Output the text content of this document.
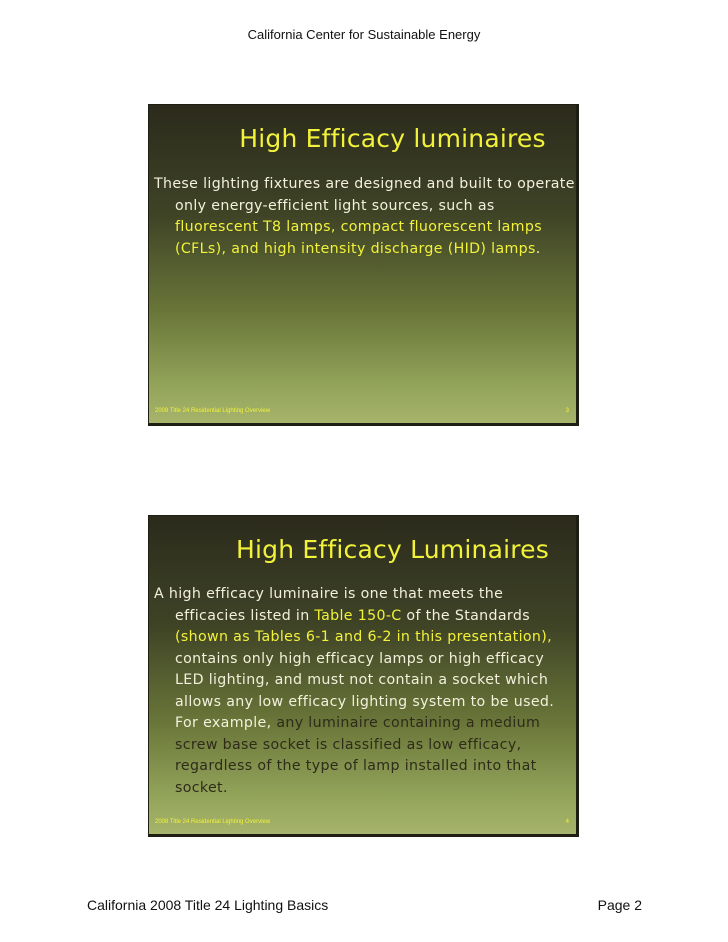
California Center for Sustainable Energy
High Efficacy luminaires
These lighting fixtures are designed and built to operate
only energy-efficient light sources, such as
fluorescent T8 lamps, compact fluorescent lamps
(CFLs), and high intensity discharge (HID) lamps.
2008 Title 24 Residential Lighting Overview	3
High Efficacy Luminaires
A high efficacy luminaire is one that meets the
efficacies listed in Table 150-C of the Standards
(shown as Tables 6-1 and 6-2 in this presentation),
contains only high efficacy lamps or high efficacy
LED lighting, and must not contain a socket which
allows any low efficacy lighting system to be used.
For example, any luminaire containing a medium
screw base socket is classified as low efficacy,
regardless of the type of lamp installed into that
socket.
2008 Title 24 Residential Lighting Overview	4
California 2008 Title 24 Lighting Basics	Page 2
